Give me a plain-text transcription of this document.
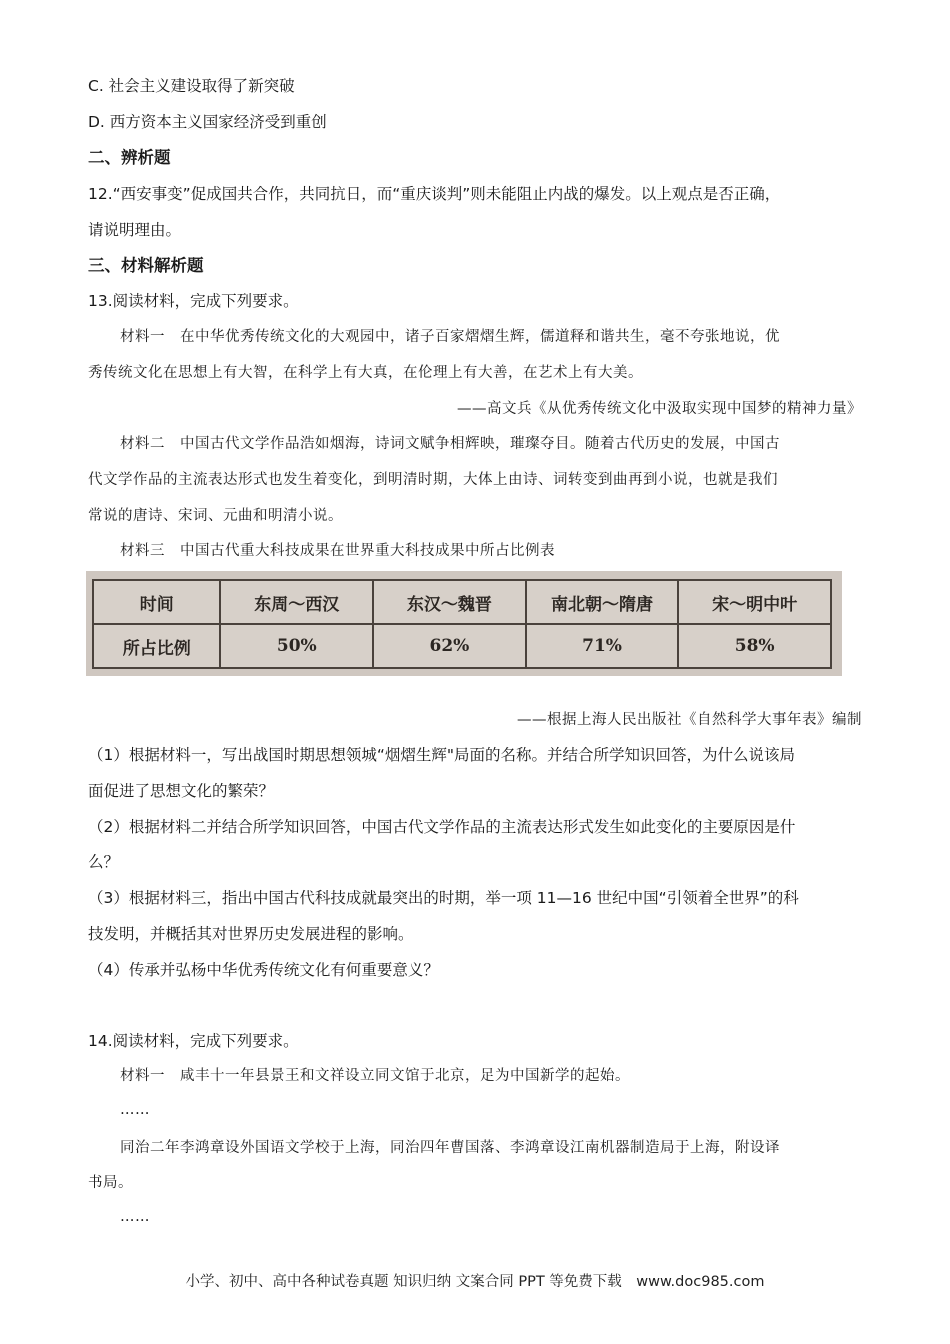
C. 社会主义建设取得了新突破
D. 西方资本主义国家经济受到重创
二、辨析题
12.“西安事变”促成国共合作，共同抗日，而“重庆谈判”则未能阻止内战的爆发。以上观点是否正确，
请说明理由。
三、材料解析题
13.阅读材料，完成下列要求。
材料一　在中华优秀传统文化的大观园中，诸子百家熠熠生辉，儒道释和谐共生，毫不夸张地说，优
秀传统文化在思想上有大智，在科学上有大真，在伦理上有大善，在艺术上有大美。
——高文兵《从优秀传统文化中汲取实现中国梦的精神力量》
材料二　中国古代文学作品浩如烟海，诗词文赋争相辉映，璀璨夺目。随着古代历史的发展，中国古
代文学作品的主流表达形式也发生着变化，到明清时期，大体上由诗、词转变到曲再到小说，也就是我们
常说的唐诗、宋词、元曲和明清小说。
材料三　中国古代重大科技成果在世界重大科技成果中所占比例表
时间	东周～西汉	东汉～魏晋	南北朝～隋唐	宋～明中叶
所占比例	50%	62%	71%	58%
——根据上海人民出版社《自然科学大事年表》编制
（1）根据材料一，写出战国时期思想领城“烟熠生辉"局面的名称。并结合所学知识回答，为什么说该局
面促进了思想文化的繁荣？
（2）根据材料二并结合所学知识回答，中国古代文学作品的主流表达形式发生如此变化的主要原因是什
么？
（3）根据材料三，指出中国古代科技成就最突出的时期，举一项 11—16 世纪中国“引领着全世界”的科
技发明，并概括其对世界历史发展进程的影响。
（4）传承并弘杨中华优秀传统文化有何重要意义？
14.阅读材料，完成下列要求。
材料一　咸丰十一年县景王和文祥设立同文馆于北京，足为中国新学的起始。
……
同治二年李鸿章设外国语文学校于上海，同治四年曹国落、李鸿章设江南机器制造局于上海，附设译
书局。
……
小学、初中、高中各种试卷真题 知识归纳 文案合同 PPT 等免费下载　www.doc985.com
